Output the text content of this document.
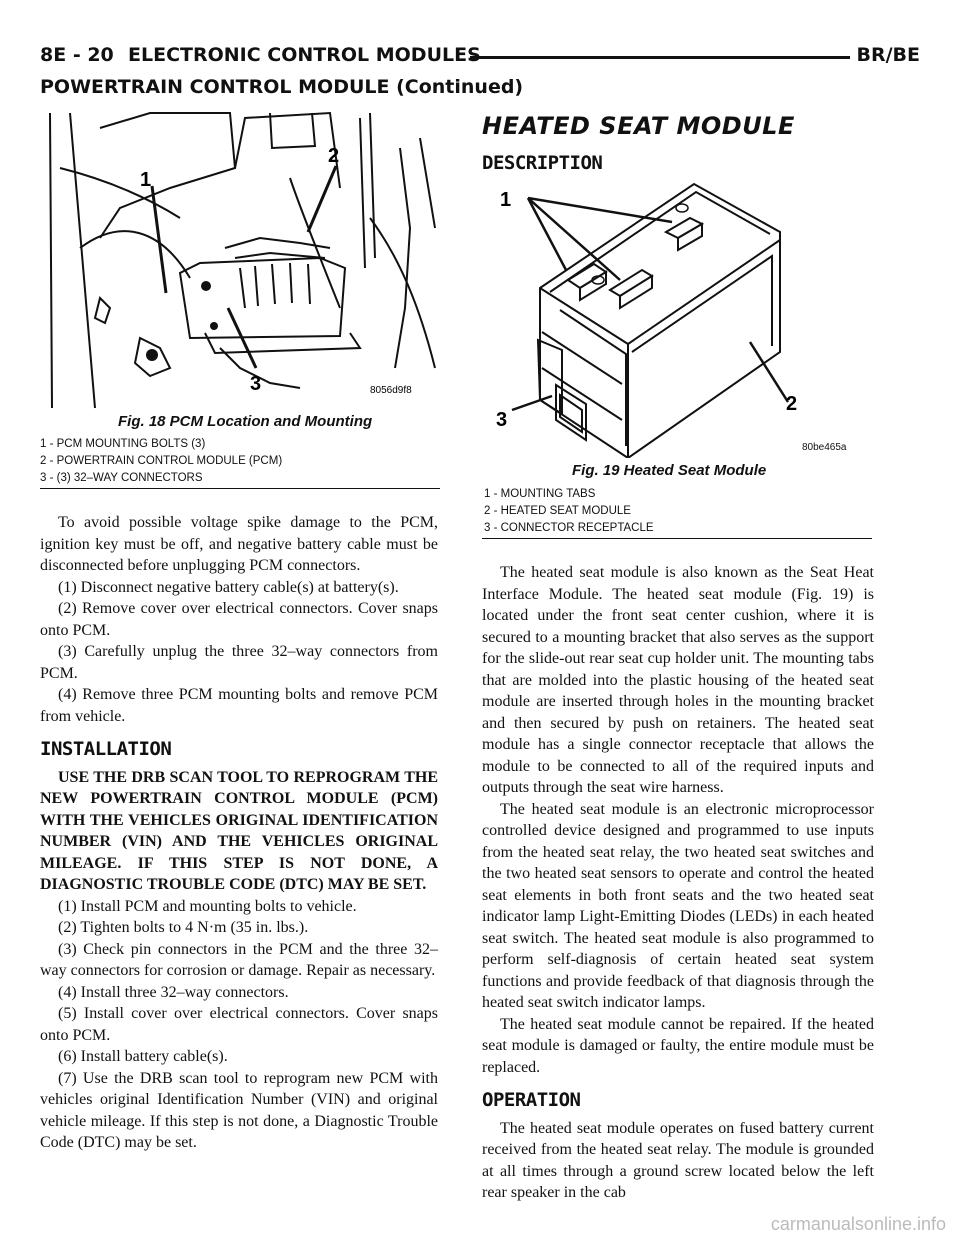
8E - 20 ELECTRONIC CONTROL MODULES	BR/BE
POWERTRAIN CONTROL MODULE (Continued)
1
2
3	8056d9f8
Fig. 18 PCM Location and Mounting
1 - PCM MOUNTING BOLTS (3)
2 - POWERTRAIN CONTROL MODULE (PCM)
3 - (3) 32–WAY CONNECTORS

To avoid possible voltage spike damage to the PCM, ignition key must be off, and negative battery cable must be disconnected before unplugging PCM connectors.

(1) Disconnect negative battery cable(s) at battery(s).

(2) Remove cover over electrical connectors. Cover snaps onto PCM.

(3) Carefully unplug the three 32–way connectors from PCM.

(4) Remove three PCM mounting bolts and remove PCM from vehicle.

INSTALLATION

USE THE DRB SCAN TOOL TO REPROGRAM THE NEW POWERTRAIN CONTROL MODULE (PCM) WITH THE VEHICLES ORIGINAL IDENTIFICATION NUMBER (VIN) AND THE VEHICLES ORIGINAL MILEAGE. IF THIS STEP IS NOT DONE, A DIAGNOSTIC TROUBLE CODE (DTC) MAY BE SET.

(1) Install PCM and mounting bolts to vehicle.

(2) Tighten bolts to 4 N·m (35 in. lbs.).

(3) Check pin connectors in the PCM and the three 32–way connectors for corrosion or damage. Repair as necessary.

(4) Install three 32–way connectors.

(5) Install cover over electrical connectors. Cover snaps onto PCM.

(6) Install battery cable(s).

(7) Use the DRB scan tool to reprogram new PCM with vehicles original Identification Number (VIN) and original vehicle mileage. If this step is not done, a Diagnostic Trouble Code (DTC) may be set.

HEATED SEAT MODULE
DESCRIPTION
1
2
3
80be465a
Fig. 19 Heated Seat Module
1 - MOUNTING TABS
2 - HEATED SEAT MODULE
3 - CONNECTOR RECEPTACLE

The heated seat module is also known as the Seat Heat Interface Module. The heated seat module (Fig. 19) is located under the front seat center cushion, where it is secured to a mounting bracket that also serves as the support for the slide-out rear seat cup holder unit. The mounting tabs that are molded into the plastic housing of the heated seat module are inserted through holes in the mounting bracket and then secured by push on retainers. The heated seat module has a single connector receptacle that allows the module to be connected to all of the required inputs and outputs through the seat wire harness.

The heated seat module is an electronic microprocessor controlled device designed and programmed to use inputs from the heated seat relay, the two heated seat switches and the two heated seat sensors to operate and control the heated seat elements in both front seats and the two heated seat indicator lamp Light-Emitting Diodes (LEDs) in each heated seat switch. The heated seat module is also programmed to perform self-diagnosis of certain heated seat system functions and provide feedback of that diagnosis through the heated seat switch indicator lamps.

The heated seat module cannot be repaired. If the heated seat module is damaged or faulty, the entire module must be replaced.

OPERATION

The heated seat module operates on fused battery current received from the heated seat relay. The module is grounded at all times through a ground screw located below the left rear speaker in the cab

carmanualsonline.info
